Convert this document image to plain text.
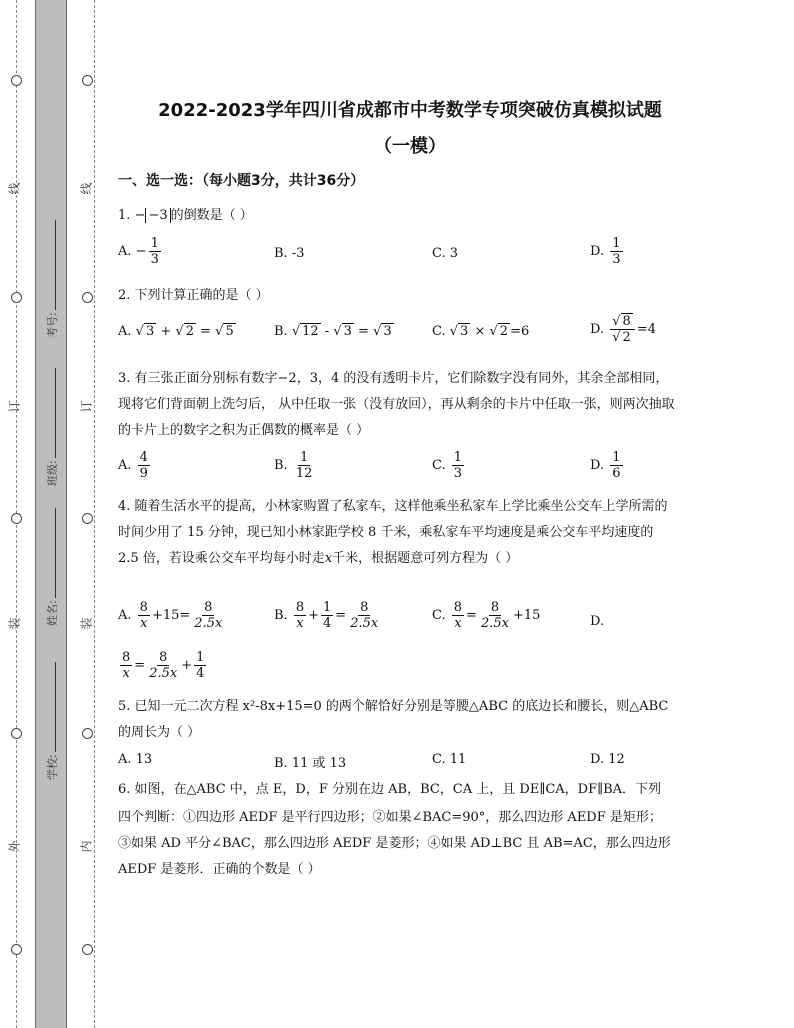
线
订
装
外
线
订
装
内
考号:
班级:
姓名:
学校:
2022-2023学年四川省成都市中考数学专项突破仿真模拟试题
（一模）
一、选一选：（每小题3分，共计36分）
1. − −3 的倒数是（ ）
A. − $\frac{1}{3}$	B. -3	C. 3	D. $\frac{1}{3}$
2. 下列计算正确的是（ ）
A. √ 3 + √ 2 = √ 5	B. √ 12 - √ 3 = √ 3	C. √ 3 × √ 2 =6	D. $\frac{√ 8}{√ 2} =4$
3. 有三张正面分别标有数字−2，3，4 的没有透明卡片，它们除数字没有同外，其余全部相同，现将它们背面朝上洗匀后， 从中任取一张（没有放回），再从剩余的卡片中任取一张，则两次抽取的卡片上的数字之积为正偶数的概率是（ ）
A. $\frac{4}{9}$	B. $\frac{1}{12}$	C. $\frac{1}{3}$	D. $\frac{1}{6}$
4. 随着生活水平的提高，小林家购置了私家车，这样他乘坐私家车上学比乘坐公交车上学所需的时间少用了 15 分钟，现已知小林家距学校 8 千米，乘私家车平均速度是乘公交车平均速度的 2.5 倍，若设乘公交车平均每小时走x千米，根据题意可列方程为（ ）
A. $\frac{8}{x} +15= \frac{8}{2.5x}$	B. $\frac{8}{x} + \frac{1}{4} = \frac{8}{2.5x}$	C. $\frac{8}{x} = \frac{8}{2.5x} +15$	D.
$\frac{8}{x} = \frac{8}{2.5x} + \frac{1}{4}$
5. 已知一元二次方程 x²-8x+15=0 的两个解恰好分别是等腰△ABC 的底边长和腰长，则△ABC 的周长为（ ）
A. 13	B. 11 或 13	C. 11	D. 12
6. 如图，在△ABC 中，点 E，D，F 分别在边 AB，BC，CA 上，且 DE∥CA，DF∥BA．下列
四个判断：①四边形 AEDF 是平行四边形；②如果∠BAC=90°，那么四边形 AEDF 是矩形；
③如果 AD 平分∠BAC，那么四边形 AEDF 是菱形；④如果 AD⊥BC 且 AB=AC，那么四边形
AEDF 是菱形．正确的个数是（ ）
